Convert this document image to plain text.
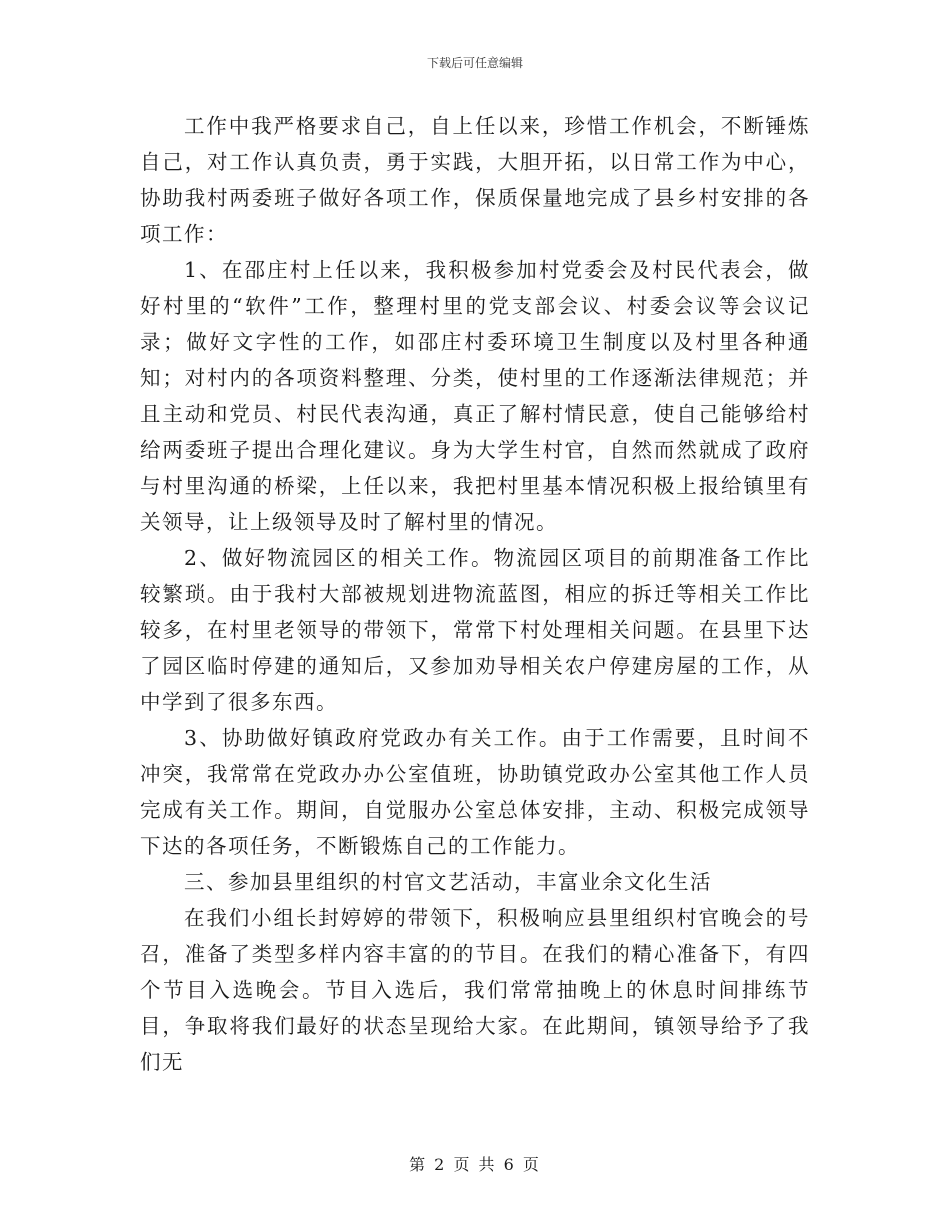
下载后可任意编辑

工作中我严格要求自己，自上任以来，珍惜工作机会，不断锤炼自己，对工作认真负责，勇于实践，大胆开拓，以日常工作为中心，协助我村两委班子做好各项工作，保质保量地完成了县乡村安排的各项工作：

1、在邵庄村上任以来，我积极参加村党委会及村民代表会，做好村里的“软件”工作，整理村里的党支部会议、村委会议等会议记录；做好文字性的工作，如邵庄村委环境卫生制度以及村里各种通知；对村内的各项资料整理、分类，使村里的工作逐渐法律规范；并且主动和党员、村民代表沟通，真正了解村情民意，使自己能够给村给两委班子提出合理化建议。身为大学生村官，自然而然就成了政府与村里沟通的桥梁，上任以来，我把村里基本情况积极上报给镇里有关领导，让上级领导及时了解村里的情况。

2、做好物流园区的相关工作。物流园区项目的前期准备工作比较繁琐。由于我村大部被规划进物流蓝图，相应的拆迁等相关工作比较多，在村里老领导的带领下，常常下村处理相关问题。在县里下达了园区临时停建的通知后，又参加劝导相关农户停建房屋的工作，从中学到了很多东西。

3、协助做好镇政府党政办有关工作。由于工作需要，且时间不冲突，我常常在党政办办公室值班，协助镇党政办公室其他工作人员完成有关工作。期间，自觉服办公室总体安排，主动、积极完成领导下达的各项任务，不断锻炼自己的工作能力。

三、参加县里组织的村官文艺活动，丰富业余文化生活

在我们小组长封婷婷的带领下，积极响应县里组织村官晚会的号召，准备了类型多样内容丰富的的节目。在我们的精心准备下，有四个节目入选晚会。节目入选后，我们常常抽晚上的休息时间排练节目，争取将我们最好的状态呈现给大家。在此期间，镇领导给予了我们无

第 2 页 共 6 页
